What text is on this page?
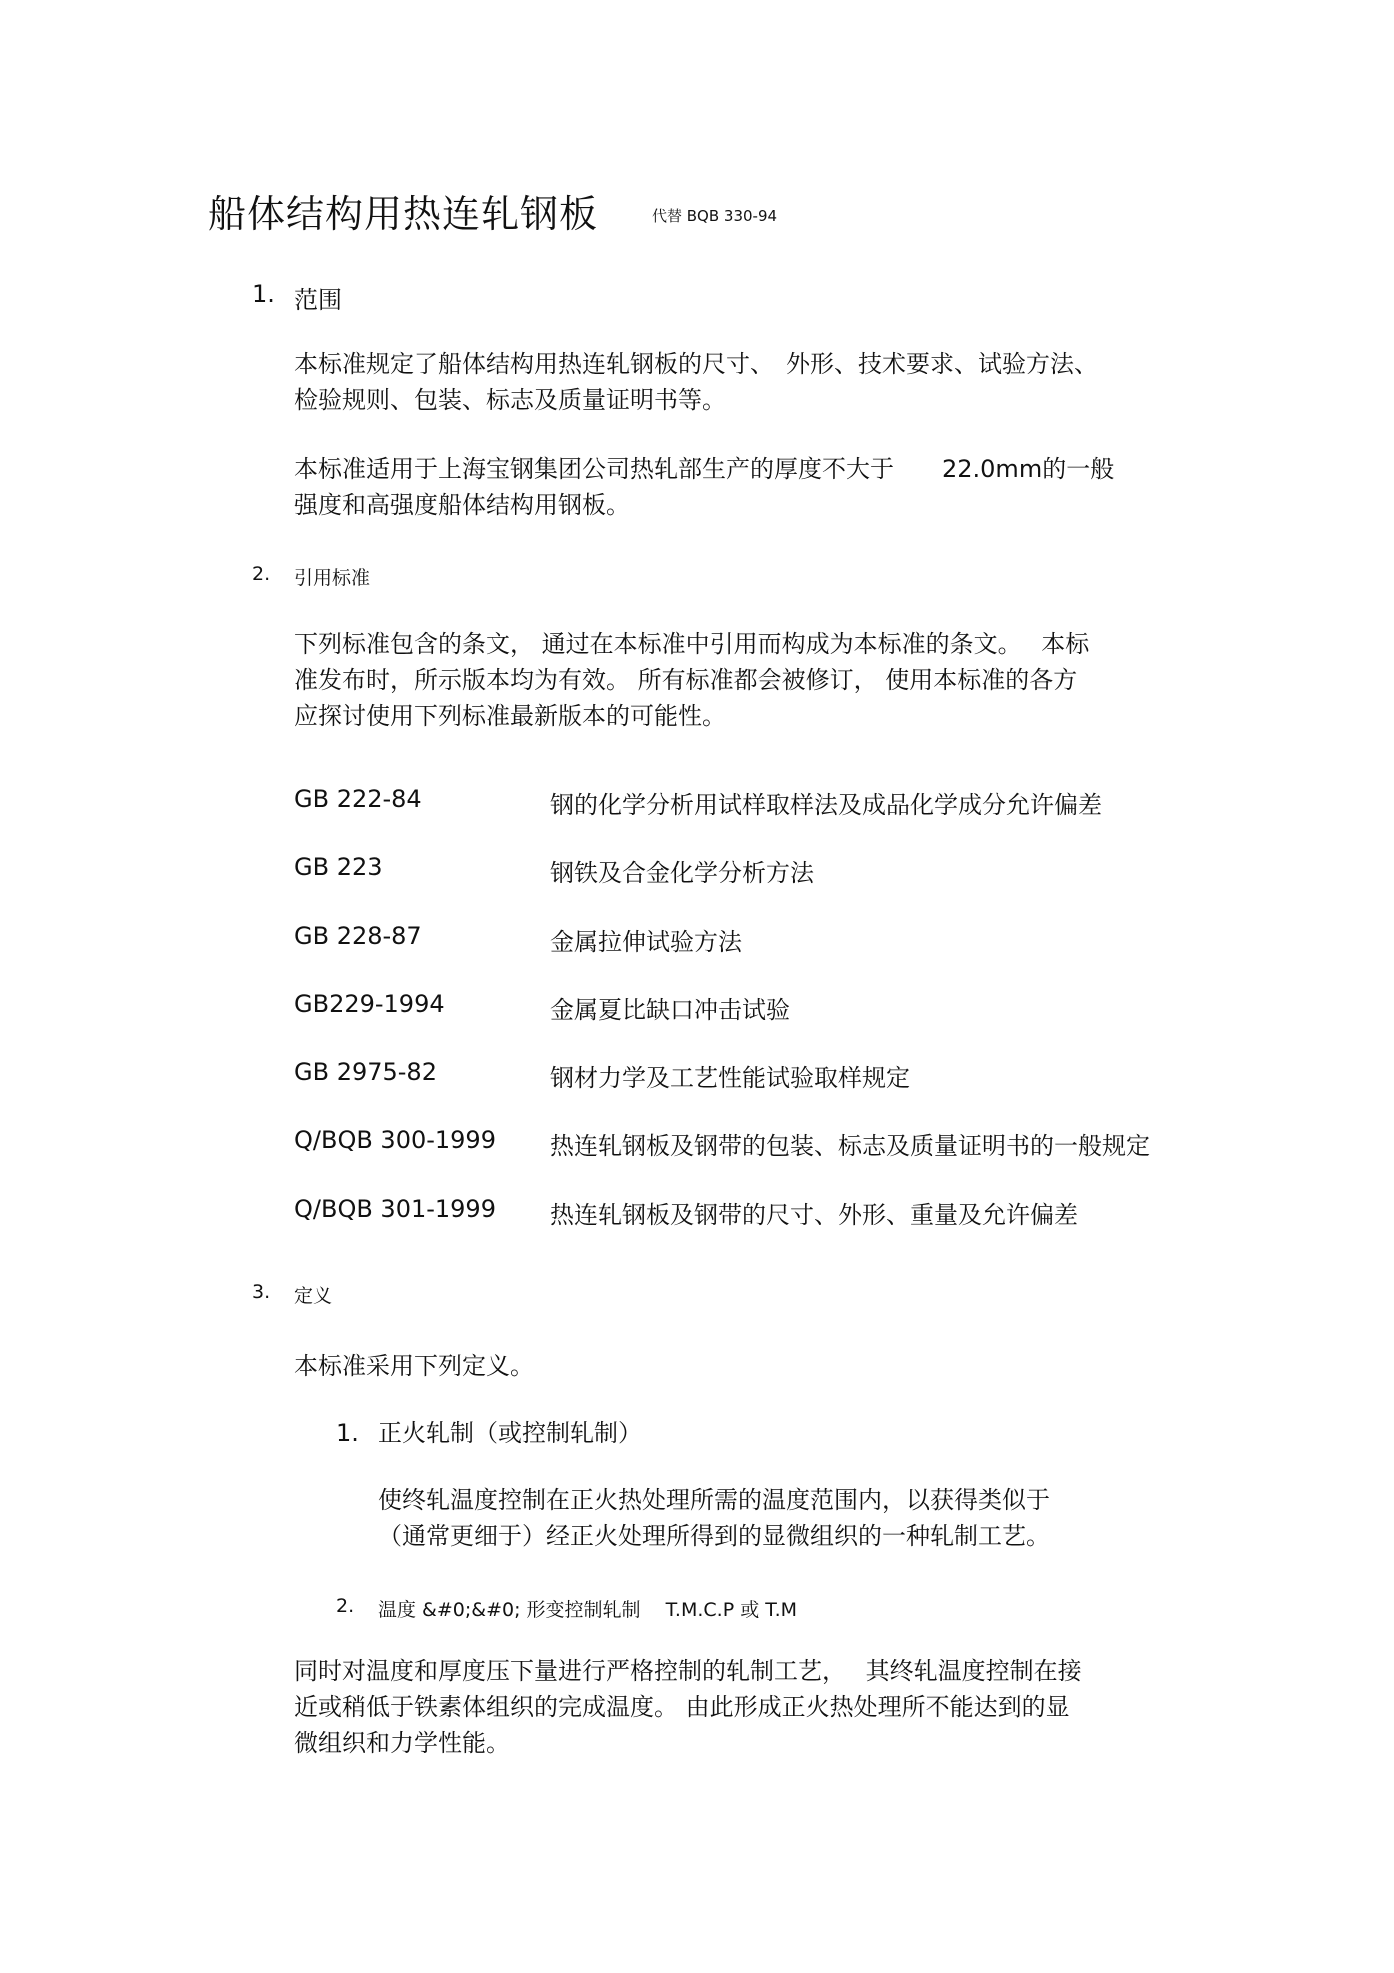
船体结构用热连轧钢板	代替 BQB 330-94
1. 范围
本标准规定了船体结构用热连轧钢板的尺寸、　外形、技术要求、试验方法、
检验规则、包装、标志及质量证明书等。
本标准适用于上海宝钢集团公司热轧部生产的厚度不大于　　22.0mm的一般
强度和高强度船体结构用钢板。
2. 引用标准
下列标准包含的条文， 通过在本标准中引用而构成为本标准的条文。　 本标
准发布时，所示版本均为有效。 所有标准都会被修订， 使用本标准的各方
应探讨使用下列标准最新版本的可能性。
GB 222-84	钢的化学分析用试样取样法及成品化学成分允许偏差
GB 223	钢铁及合金化学分析方法
GB 228-87	金属拉伸试验方法
GB229-1994	金属夏比缺口冲击试验
GB 2975-82	钢材力学及工艺性能试验取样规定
Q/BQB 300-1999 热连轧钢板及钢带的包装、标志及质量证明书的一般规定
Q/BQB 301-1999 热连轧钢板及钢带的尺寸、外形、重量及允许偏差
3. 定义
本标准采用下列定义。
1. 正火轧制（或控制轧制）
使终轧温度控制在正火热处理所需的温度范围内，以获得类似于
（通常更细于）经正火处理所得到的显微组织的一种轧制工艺。
2. 温度 &#0;&#0; 形变控制轧制　 T.M.C.P 或 T.M
同时对温度和厚度压下量进行严格控制的轧制工艺，　 其终轧温度控制在接
近或稍低于铁素体组织的完成温度。 由此形成正火热处理所不能达到的显
微组织和力学性能。
